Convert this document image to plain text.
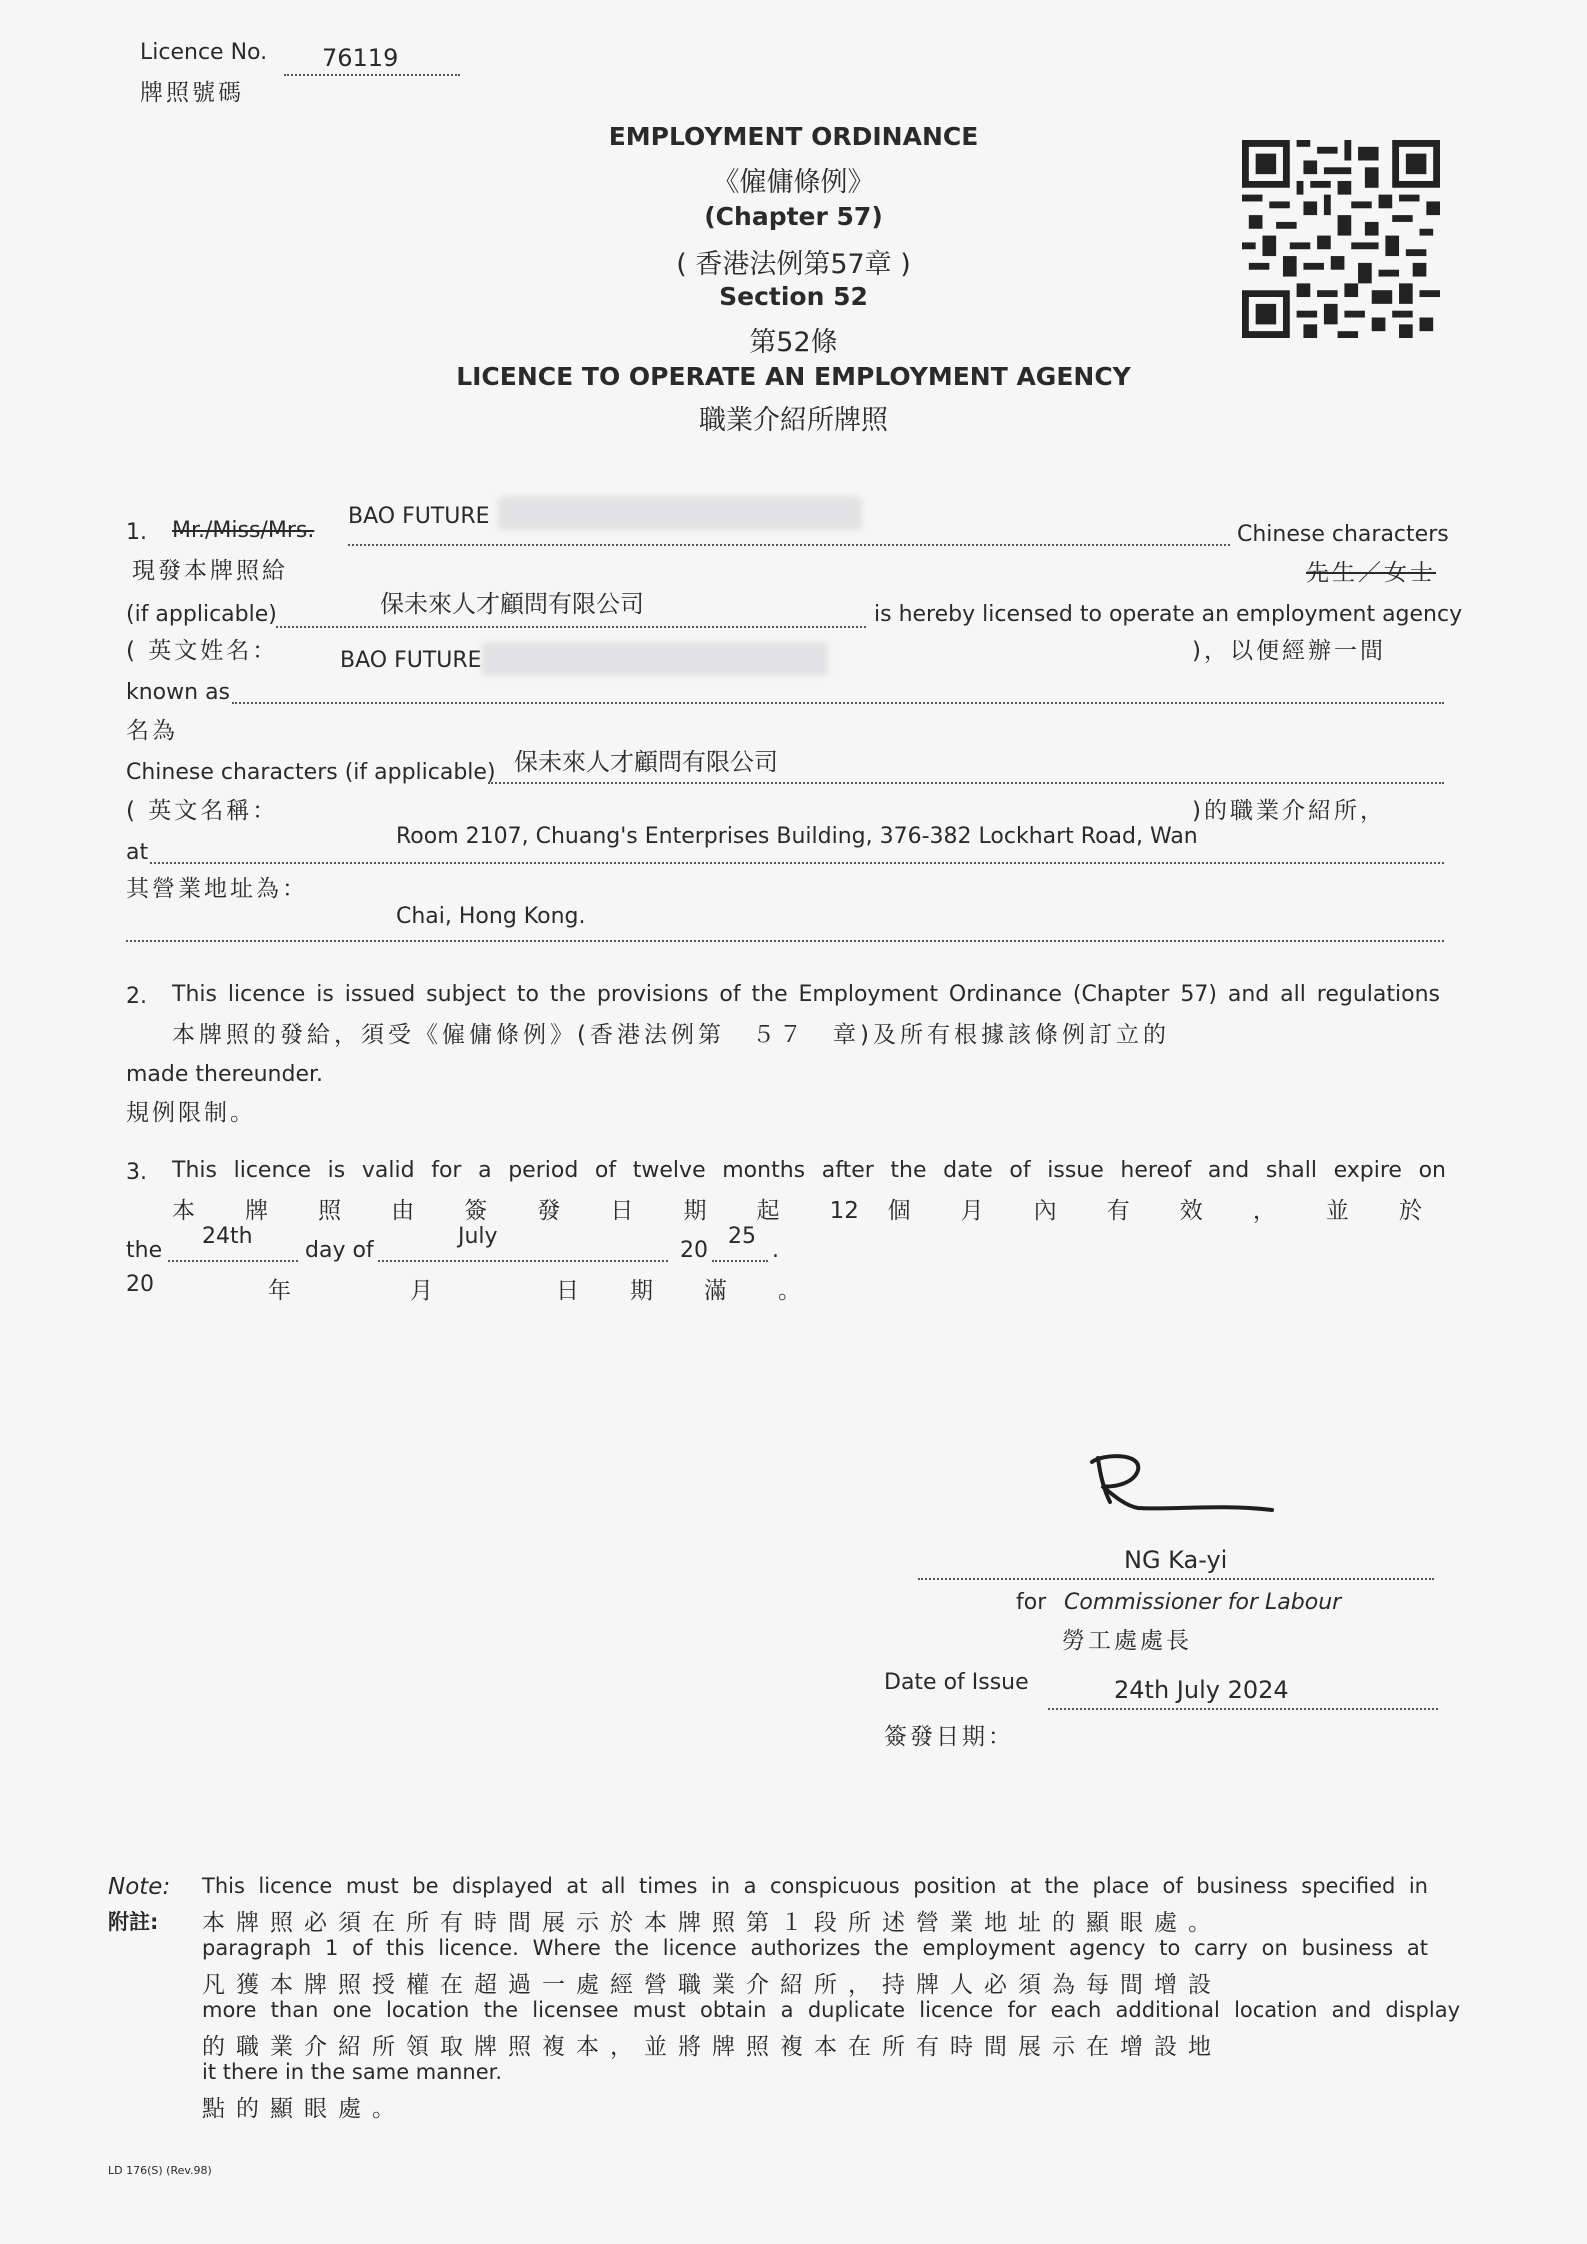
Licence No.
牌照號碼
76119
EMPLOYMENT ORDINANCE
《僱傭條例》
(Chapter 57)
( 香港法例第57章 )
Section 52
第52條
LICENCE TO OPERATE AN EMPLOYMENT AGENCY
職業介紹所牌照
1. Mr./Miss/Mrs.
BAO FUTURE
Chinese characters
現發本牌照給	先生／女士
(if applicable)	保未來人才顧問有限公司	is hereby licensed to operate an employment agency
( 英文姓名：	)，以便經辦一間
BAO FUTURE
known as
名為
Chinese characters (if applicable) 保未來人才顧問有限公司
( 英文名稱：	)的職業介紹所，
Room 2107, Chuang's Enterprises Building, 376-382 Lockhart Road, Wan
at
其營業地址為：
Chai, Hong Kong.
2. This licence is issued subject to the provisions of the Employment Ordinance (Chapter 57) and all regulations
本牌照的發給，須受《僱傭條例》(香港法例第　５７　章)及所有根據該條例訂立的
made thereunder.
規例限制。
3. This licence is valid for a period of twelve months after the date of issue hereof and shall expire on
本 牌 照 由 簽 發 日 期 起 12 個 月 內 有 效 ， 並 於
the
24th
day of
July
20
25
.
20	年	月	日　期　滿　。
NG Ka-yi
for Commissioner for Labour
勞工處處長
Date of Issue	24th July 2024
簽發日期：
Note:
附註:
This licence must be displayed at all times in a conspicuous position at the place of business specified in
本牌照必須在所有時間展示於本牌照第１段所述營業地址的顯眼處。
paragraph 1 of this licence. Where the licence authorizes the employment agency to carry on business at
凡獲本牌照授權在超過一處經營職業介紹所，持牌人必須為每間增設
more than one location the licensee must obtain a duplicate licence for each additional location and display
的職業介紹所領取牌照複本，並將牌照複本在所有時間展示在增設地
it there in the same manner.
點的顯眼處。
LD 176(S) (Rev.98)
